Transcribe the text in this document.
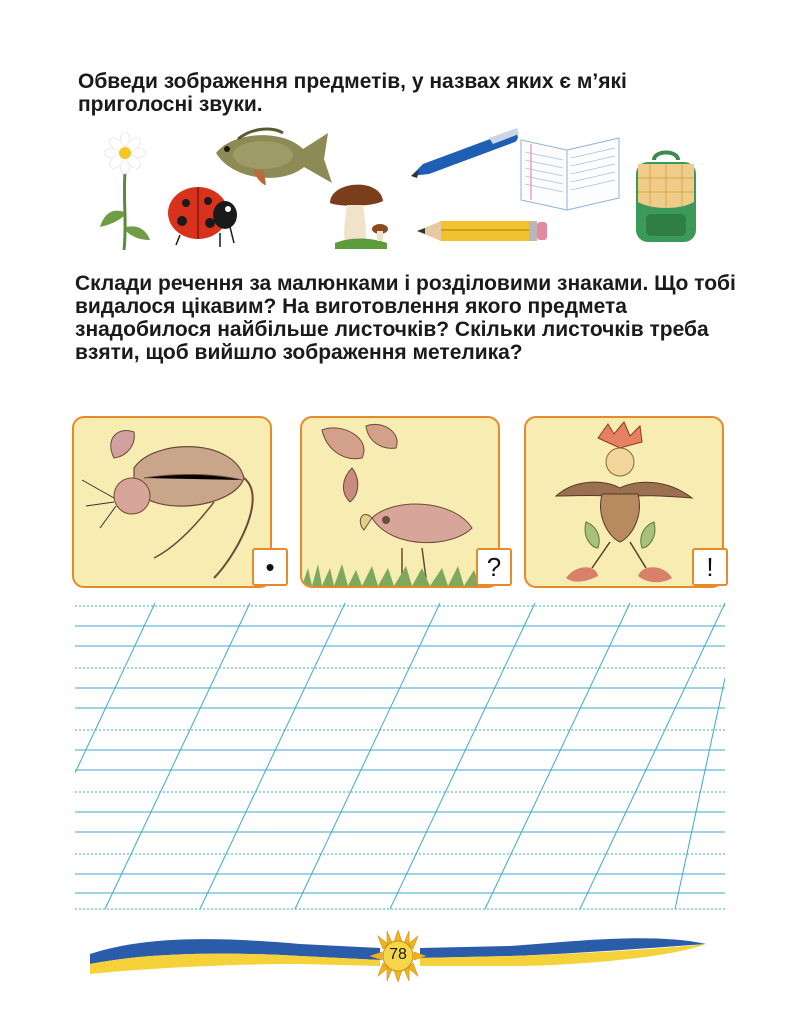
Обведи зображення предметів, у назвах яких є м’які приголосні звуки.

Склади речення за малюнками і розділовими знаками. Що тобі видалося цікавим? На виготовлення якого предмета знадобилося найбільше листочків? Скільки листочків треба взяти, щоб вийшло зображення метелика?

•	?	!
78
